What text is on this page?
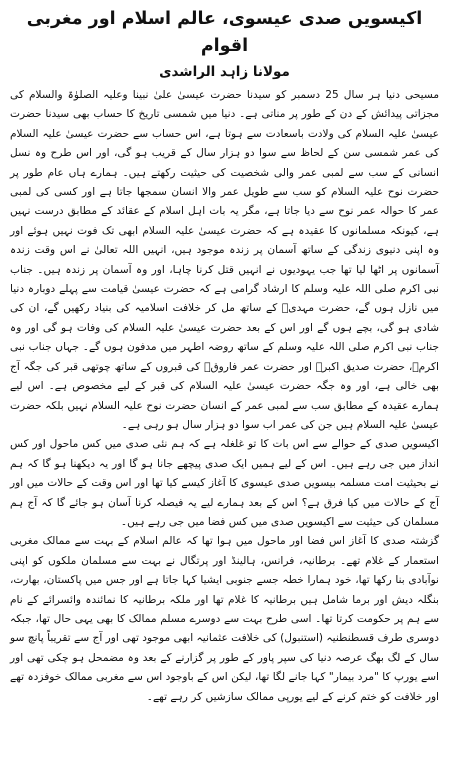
اکیسویں صدی عیسوی، عالم اسلام اور مغربی اقوام
مولانا زاہد الراشدی

مسیحی دنیا ہر سال 25 دسمبر کو سیدنا حضرت عیسیٰ علیٰ نبینا وعلیہ الصلوٰۃ والسلام کی مجزاتی پیدائش کے دن کے طور پر مناتی ہے۔ دنیا میں شمسی تاریخ کا حساب بھی سیدنا حضرت عیسیٰ علیہ السلام کی ولادت باسعادت سے ہوتا ہے، اس حساب سے حضرت عیسیٰ علیہ السلام کی عمر شمسی سن کے لحاظ سے سوا دو ہزار سال کے قریب ہو گی، اور اس طرح وہ نسل انسانی کے سب سے لمبی عمر والی شخصیت کی حیثیت رکھتے ہیں۔ ہمارے ہاں عام طور پر حضرت نوح علیہ السلام کو سب سے طویل عمر والا انسان سمجھا جاتا ہے اور کسی کی لمبی عمر کا حوالہ عمر نوح سے دیا جاتا ہے، مگر یہ بات اہل اسلام کے عقائد کے مطابق درست نہیں ہے، کیونکہ مسلمانوں کا عقیدہ ہے کہ حضرت عیسیٰ علیہ السلام ابھی تک فوت نہیں ہوئے اور وہ اپنی دنیوی زندگی کے ساتھ آسمان پر زندہ موجود ہیں، انہیں اللہ تعالیٰ نے اس وقت زندہ آسمانوں پر اٹھا لیا تھا جب یہودیوں نے انہیں قتل کرنا چاہا، اور وہ آسمان پر زندہ ہیں۔ جناب نبی اکرم صلی اللہ علیہ وسلم کا ارشاد گرامی ہے کہ حضرت عیسیٰ قیامت سے پہلے دوبارہ دنیا میں نازل ہوں گے، حضرت مہدیؑ کے ساتھ مل کر خلافت اسلامیہ کی بنیاد رکھیں گے، ان کی شادی ہو گی، بچے ہوں گے اور اس کے بعد حضرت عیسیٰ علیہ السلام کی وفات ہو گی اور وہ جناب نبی اکرم صلی اللہ علیہ وسلم کے ساتھ روضہ اطہر میں مدفون ہوں گے۔ جہاں جناب نبی اکرمؐ، حضرت صدیق اکبرؓ اور حضرت عمر فاروقؓ کی قبروں کے ساتھ چوتھی قبر کی جگہ آج بھی خالی ہے، اور وہ جگہ حضرت عیسیٰ علیہ السلام کی قبر کے لیے مخصوص ہے۔ اس لیے ہمارے عقیدہ کے مطابق سب سے لمبی عمر کے انسان حضرت نوح علیہ السلام نہیں بلکہ حضرت عیسیٰ علیہ السلام ہیں جن کی عمر اب سوا دو ہزار سال ہو رہی ہے۔

اکیسویں صدی کے حوالے سے اس بات کا تو غلغلہ ہے کہ ہم نئی صدی میں کس ماحول اور کس انداز میں جی رہے ہیں۔ اس کے لیے ہمیں ایک صدی پیچھے جانا ہو گا اور یہ دیکھنا ہو گا کہ ہم نے بحیثیت امت مسلمہ بیسویں صدی عیسوی کا آغاز کیسے کیا تھا اور اس وقت کے حالات میں اور آج کے حالات میں کیا فرق ہے؟ اس کے بعد ہمارے لیے یہ فیصلہ کرنا آسان ہو جائے گا کہ آج ہم مسلمان کی حیثیت سے اکیسویں صدی میں کس فضا میں جی رہے ہیں۔

گزشتہ صدی کا آغاز اس فضا اور ماحول میں ہوا تھا کہ عالم اسلام کے بہت سے ممالک مغربی استعمار کے غلام تھے۔ برطانیہ، فرانس، ہالینڈ اور پرتگال نے بہت سے مسلمان ملکوں کو اپنی نوآبادی بنا رکھا تھا، خود ہمارا خطہ جسے جنوبی ایشیا کہا جاتا ہے اور جس میں پاکستان، بھارت، بنگلہ دیش اور برما شامل ہیں برطانیہ کا غلام تھا اور ملکہ برطانیہ کا نمائندہ وائسرائے کے نام سے ہم پر حکومت کرتا تھا۔ اسی طرح بہت سے دوسرے مسلم ممالک کا بھی یہی حال تھا، جبکہ دوسری طرف قسطنطنیہ (استنبول) کی خلافت عثمانیہ ابھی موجود تھی اور آج سے تقریباً پانچ سو سال کے لگ بھگ عرصہ دنیا کی سپر پاور کے طور پر گزارنے کے بعد وہ مضمحل ہو چکی تھی اور اسے یورپ کا "مرد بیمار" کہا جانے لگا تھا، لیکن اس کے باوجود اس سے مغربی ممالک خوفزدہ تھے اور خلافت کو ختم کرنے کے لیے یورپی ممالک سازشیں کر رہے تھے۔
